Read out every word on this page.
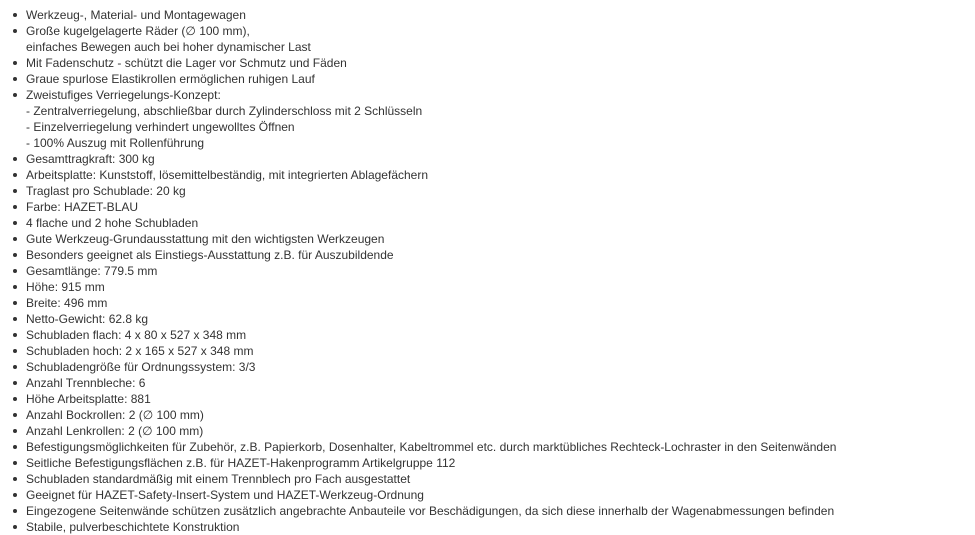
Werkzeug-, Material- und Montagewagen
Große kugelgelagerte Räder (∅ 100 mm),
einfaches Bewegen auch bei hoher dynamischer Last
Mit Fadenschutz - schützt die Lager vor Schmutz und Fäden
Graue spurlose Elastikrollen ermöglichen ruhigen Lauf
Zweistufiges Verriegelungs-Konzept:
- Zentralverriegelung, abschließbar durch Zylinderschloss mit 2 Schlüsseln
- Einzelverriegelung verhindert ungewolltes Öffnen
- 100% Auszug mit Rollenführung
Gesamttragkraft: 300 kg
Arbeitsplatte: Kunststoff, lösemittelbeständig, mit integrierten Ablagefächern
Traglast pro Schublade: 20 kg
Farbe: HAZET-BLAU
4 flache und 2 hohe Schubladen
Gute Werkzeug-Grundausstattung mit den wichtigsten Werkzeugen
Besonders geeignet als Einstiegs-Ausstattung z.B. für Auszubildende
Gesamtlänge: 779.5 mm
Höhe: 915 mm
Breite: 496 mm
Netto-Gewicht: 62.8 kg
Schubladen flach: 4 x 80 x 527 x 348 mm
Schubladen hoch: 2 x 165 x 527 x 348 mm
Schubladengröße für Ordnungssystem: 3/3
Anzahl Trennbleche: 6
Höhe Arbeitsplatte: 881
Anzahl Bockrollen: 2 (∅ 100 mm)
Anzahl Lenkrollen: 2 (∅ 100 mm)
Befestigungsmöglichkeiten für Zubehör, z.B. Papierkorb, Dosenhalter, Kabeltrommel etc. durch marktübliches Rechteck-Lochraster in den Seitenwänden
Seitliche Befestigungsflächen z.B. für HAZET-Hakenprogramm Artikelgruppe 112
Schubladen standardmäßig mit einem Trennblech pro Fach ausgestattet
Geeignet für HAZET-Safety-Insert-System und HAZET-Werkzeug-Ordnung
Eingezogene Seitenwände schützen zusätzlich angebrachte Anbauteile vor Beschädigungen, da sich diese innerhalb der Wagenabmessungen befinden
Stabile, pulverbeschichtete Konstruktion
